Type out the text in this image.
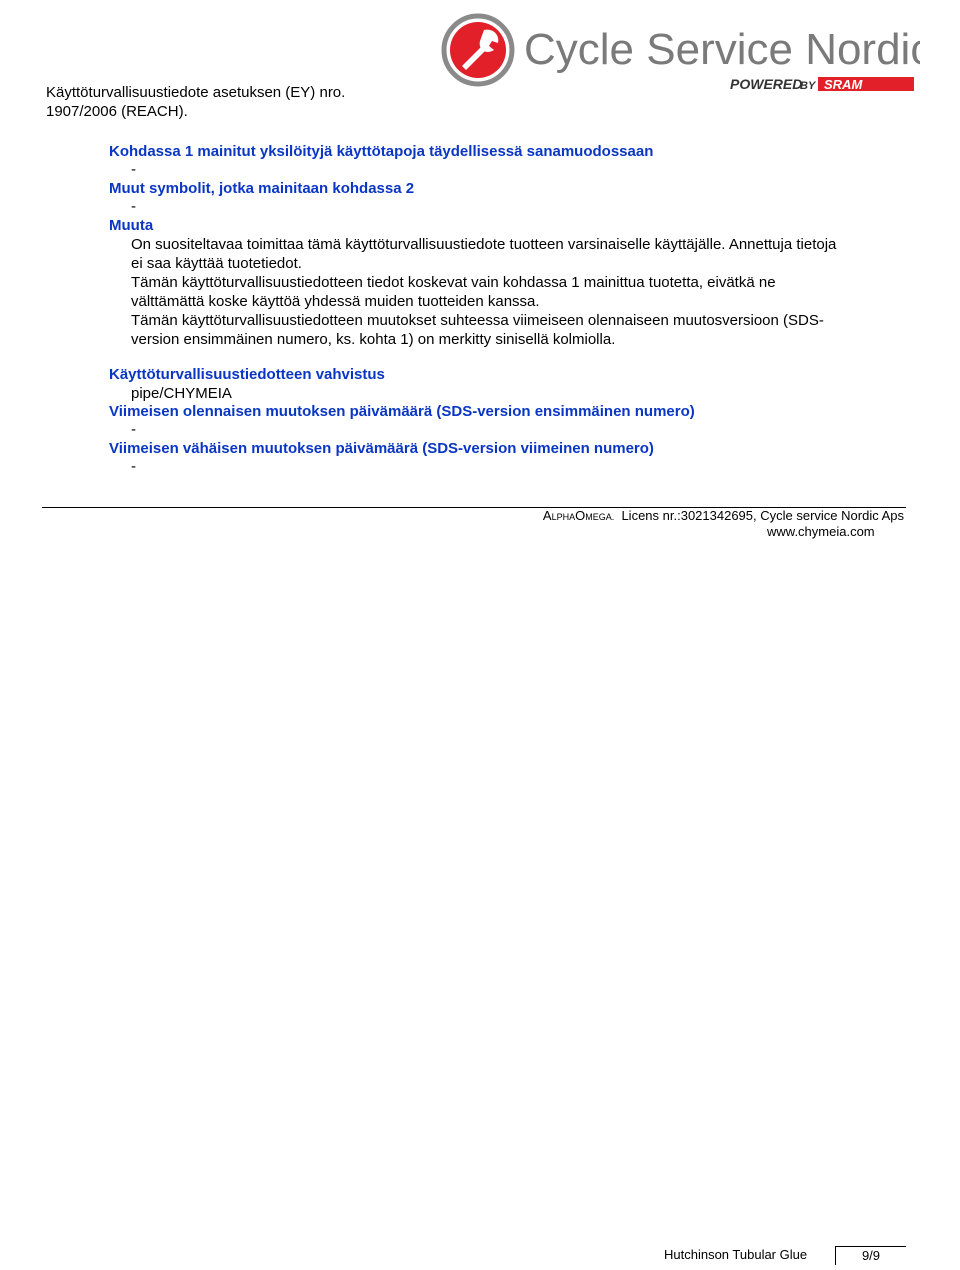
Käyttöturvallisuustiedote asetuksen (EY) nro.
1907/2006 (REACH).
Cycle Service Nordic
POWERED
BY SRAM
Kohdassa 1 mainitut yksilöityjä käyttötapoja täydellisessä sanamuodossaan
-
Muut symbolit, jotka mainitaan kohdassa 2
-
Muuta
On suositeltavaa toimittaa tämä käyttöturvallisuustiedote tuotteen varsinaiselle käyttäjälle. Annettuja tietoja
ei saa käyttää tuotetiedot.
Tämän käyttöturvallisuustiedotteen tiedot koskevat vain kohdassa 1 mainittua tuotetta, eivätkä ne
välttämättä koske käyttöä yhdessä muiden tuotteiden kanssa.
Tämän käyttöturvallisuustiedotteen muutokset suhteessa viimeiseen olennaiseen muutosversioon (SDS-
version ensimmäinen numero, ks. kohta 1) on merkitty sinisellä kolmiolla.
Käyttöturvallisuustiedotteen vahvistus
pipe/CHYMEIA
Viimeisen olennaisen muutoksen päivämäärä (SDS-version ensimmäinen numero)
-
Viimeisen vähäisen muutoksen päivämäärä (SDS-version viimeinen numero)
-
ALPHAOMEGA. Licens nr.:3021342695, Cycle service Nordic Aps
www.chymeia.com
Hutchinson Tubular Glue	9/9
